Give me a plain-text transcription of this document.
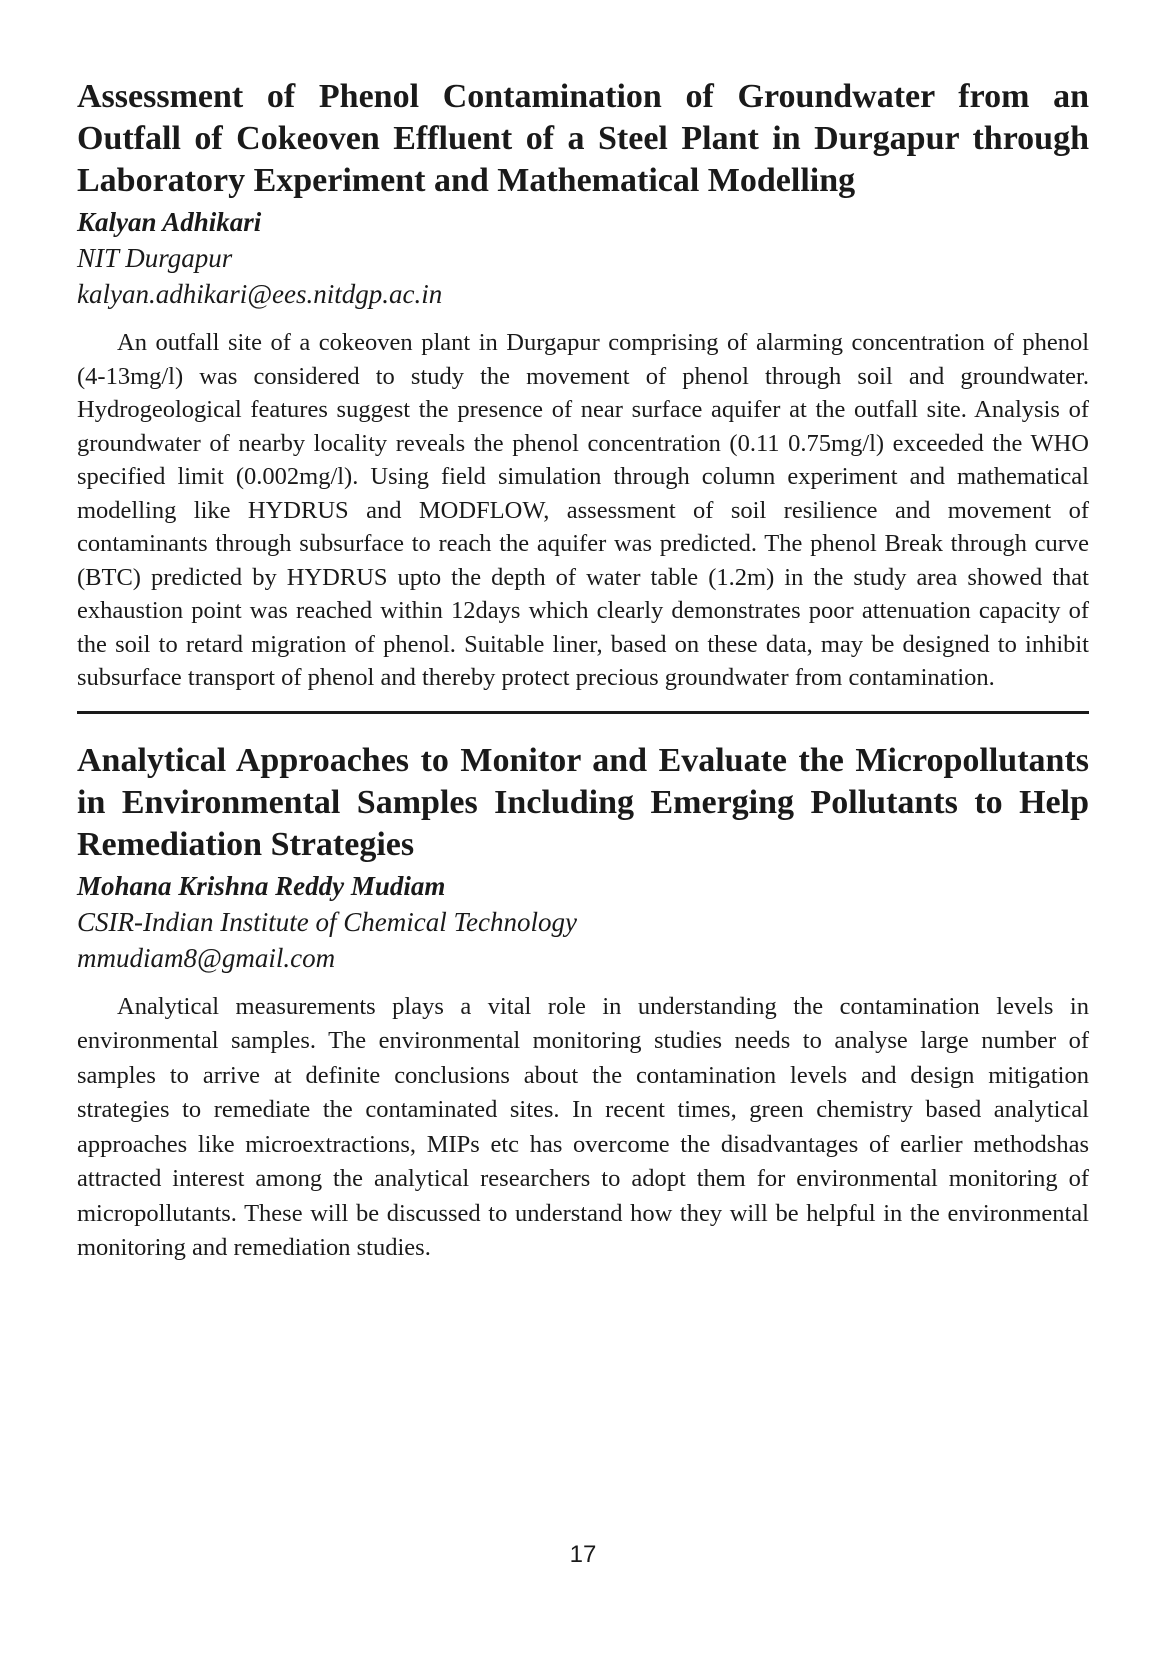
Assessment of Phenol Contamination of Groundwater from an Outfall of Cokeoven Effluent of a Steel Plant in Durgapur through Laboratory Experiment and Mathematical Modelling

Kalyan Adhikari

NIT Durgapur

kalyan.adhikari@ees.nitdgp.ac.in

An outfall site of a cokeoven plant in Durgapur comprising of alarming concentration of phenol (4-13mg/l) was considered to study the movement of phenol through soil and groundwater. Hydrogeological features suggest the presence of near surface aquifer at the outfall site. Analysis of groundwater of nearby locality reveals the phenol concentration (0.11 0.75mg/l) exceeded the WHO specified limit (0.002mg/l). Using field simulation through column experiment and mathematical modelling like HYDRUS and MODFLOW, assessment of soil resilience and movement of contaminants through subsurface to reach the aquifer was predicted. The phenol Break through curve (BTC) predicted by HYDRUS upto the depth of water table (1.2m) in the study area showed that exhaustion point was reached within 12days which clearly demonstrates poor attenuation capacity of the soil to retard migration of phenol. Suitable liner, based on these data, may be designed to inhibit subsurface transport of phenol and thereby protect precious groundwater from contamination.

Analytical Approaches to Monitor and Evaluate the Micropollutants in Environmental Samples Including Emerging Pollutants to Help Remediation Strategies

Mohana Krishna Reddy Mudiam

CSIR-Indian Institute of Chemical Technology

mmudiam8@gmail.com

Analytical measurements plays a vital role in understanding the contamination levels in environmental samples. The environmental monitoring studies needs to analyse large number of samples to arrive at definite conclusions about the contamination levels and design mitigation strategies to remediate the contaminated sites. In recent times, green chemistry based analytical approaches like microextractions, MIPs etc has overcome the disadvantages of earlier methodshas attracted interest among the analytical researchers to adopt them for environmental monitoring of micropollutants. These will be discussed to understand how they will be helpful in the environmental monitoring and remediation studies.

17
